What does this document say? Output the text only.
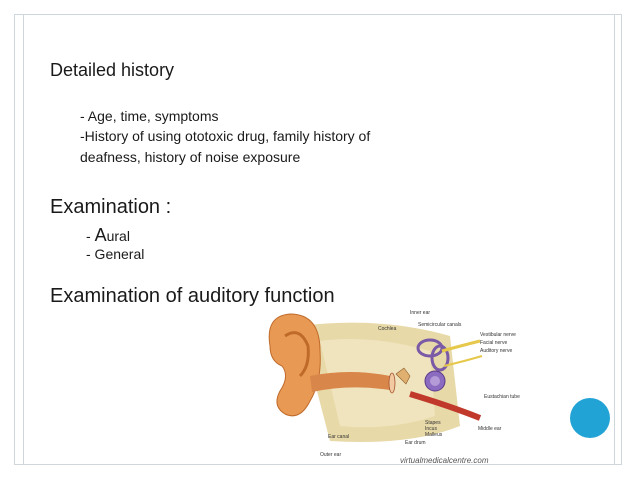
Detailed history
- Age, time, symptoms
-History of using ototoxic drug, family history of
deafness, history of noise exposure
Examination :
- Aural
- General
Examination of auditory function
Inner ear
Cochlea
Semicircular canals
Vestibular nerve
Facial nerve
Auditory nerve
Eustachian tube
Stapes
Incus
Malleus
Middle ear
Ear canal
Ear drum
Outer ear
virtualmedicalcentre.com
